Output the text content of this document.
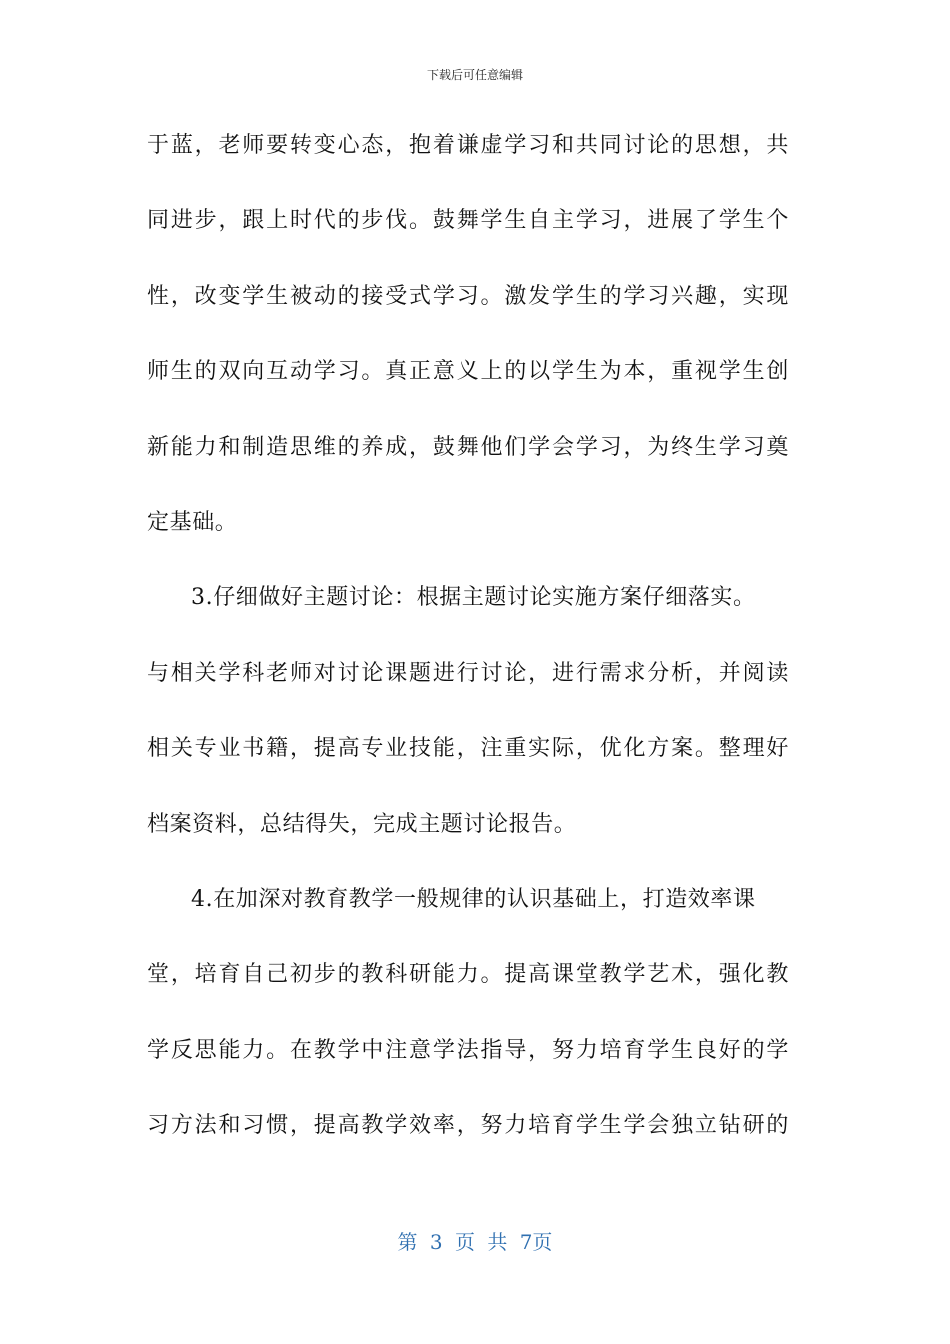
下载后可任意编辑
于蓝，老师要转变心态，抱着谦虚学习和共同讨论的思想，共
同进步，跟上时代的步伐。鼓舞学生自主学习，进展了学生个
性，改变学生被动的接受式学习。激发学生的学习兴趣，实现
师生的双向互动学习。真正意义上的以学生为本，重视学生创
新能力和制造思维的养成，鼓舞他们学会学习，为终生学习奠
定基础。
3.仔细做好主题讨论：根据主题讨论实施方案仔细落实。
与相关学科老师对讨论课题进行讨论，进行需求分析，并阅读
相关专业书籍，提高专业技能，注重实际，优化方案。整理好
档案资料，总结得失，完成主题讨论报告。
4.在加深对教育教学一般规律的认识基础上，打造效率课
堂，培育自己初步的教科研能力。提高课堂教学艺术，强化教
学反思能力。在教学中注意学法指导，努力培育学生良好的学
习方法和习惯，提高教学效率，努力培育学生学会独立钻研的
第 3 页 共 7页
